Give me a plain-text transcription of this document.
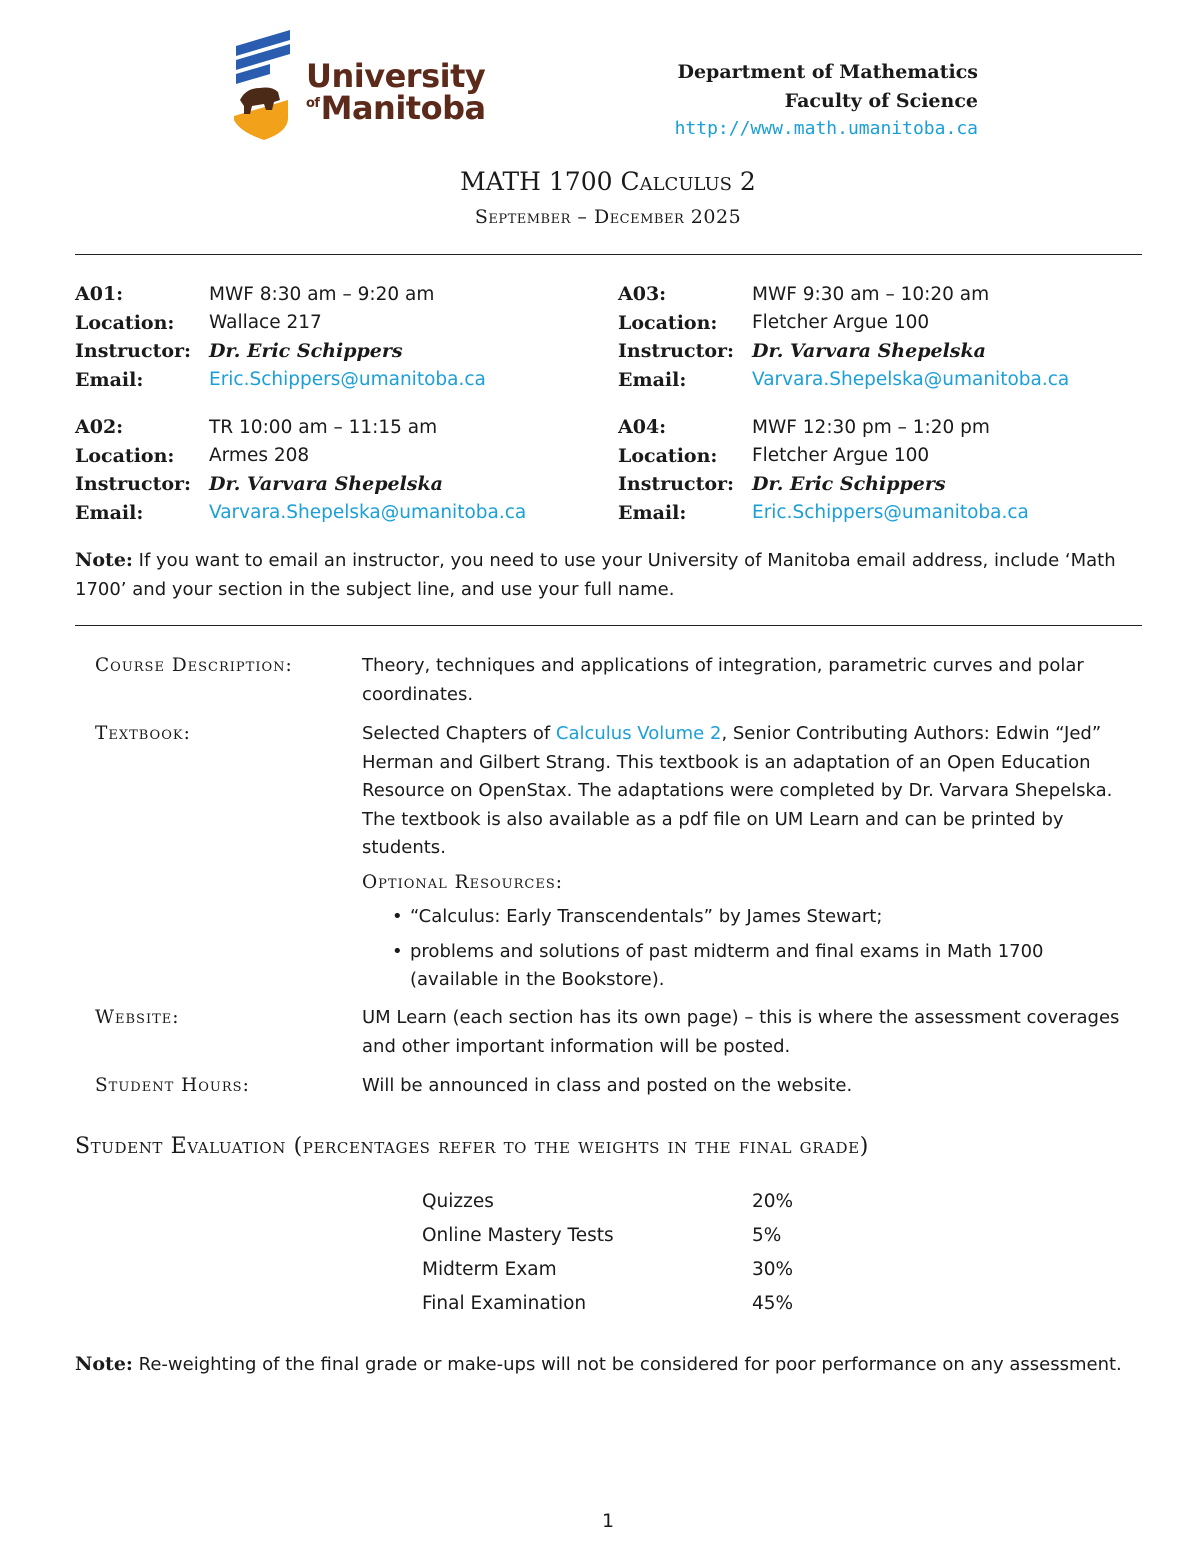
University
$^{of}$Manitoba
Department of Mathematics
Faculty of Science
http://www.math.umanitoba.ca
MATH 1700 Calculus 2
September – December 2025
A01:	MWF 8:30 am – 9:20 am
Location:	Wallace 217
Instructor: Dr. Eric Schippers
Email:	Eric.Schippers@umanitoba.ca
A03:	MWF 9:30 am – 10:20 am
Location:	Fletcher Argue 100
Instructor: Dr. Varvara Shepelska
Email:	Varvara.Shepelska@umanitoba.ca
A02:	TR 10:00 am – 11:15 am
Location:	Armes 208
Instructor: Dr. Varvara Shepelska
Email:	Varvara.Shepelska@umanitoba.ca
A04:	MWF 12:30 pm – 1:20 pm
Location:	Fletcher Argue 100
Instructor: Dr. Eric Schippers
Email:	Eric.Schippers@umanitoba.ca
Note: If you want to email an instructor, you need to use your University of Manitoba email address, include ‘Math 1700’ and your section in the subject line, and use your full name.
Course Description:	Theory, techniques and applications of integration, parametric curves and polar coordinates.
Textbook:	Selected Chapters of Calculus Volume 2, Senior Contributing Authors: Edwin “Jed” Herman and Gilbert Strang. This textbook is an adaptation of an Open Education Resource on OpenStax. The adaptations were completed by Dr. Varvara Shepelska. The textbook is also available as a pdf file on UM Learn and can be printed by students.
Optional Resources:
• “Calculus: Early Transcendentals” by James Stewart;
• problems and solutions of past midterm and final exams in Math 1700 (available in the Bookstore).
Website:	UM Learn (each section has its own page) – this is where the assessment coverages and other important information will be posted.
Student Hours:	Will be announced in class and posted on the website.
Student Evaluation (percentages refer to the weights in the final grade)
Quizzes	20%
Online Mastery Tests	5%
Midterm Exam	30%
Final Examination	45%
Note: Re-weighting of the final grade or make-ups will not be considered for poor performance on any assessment.
1
